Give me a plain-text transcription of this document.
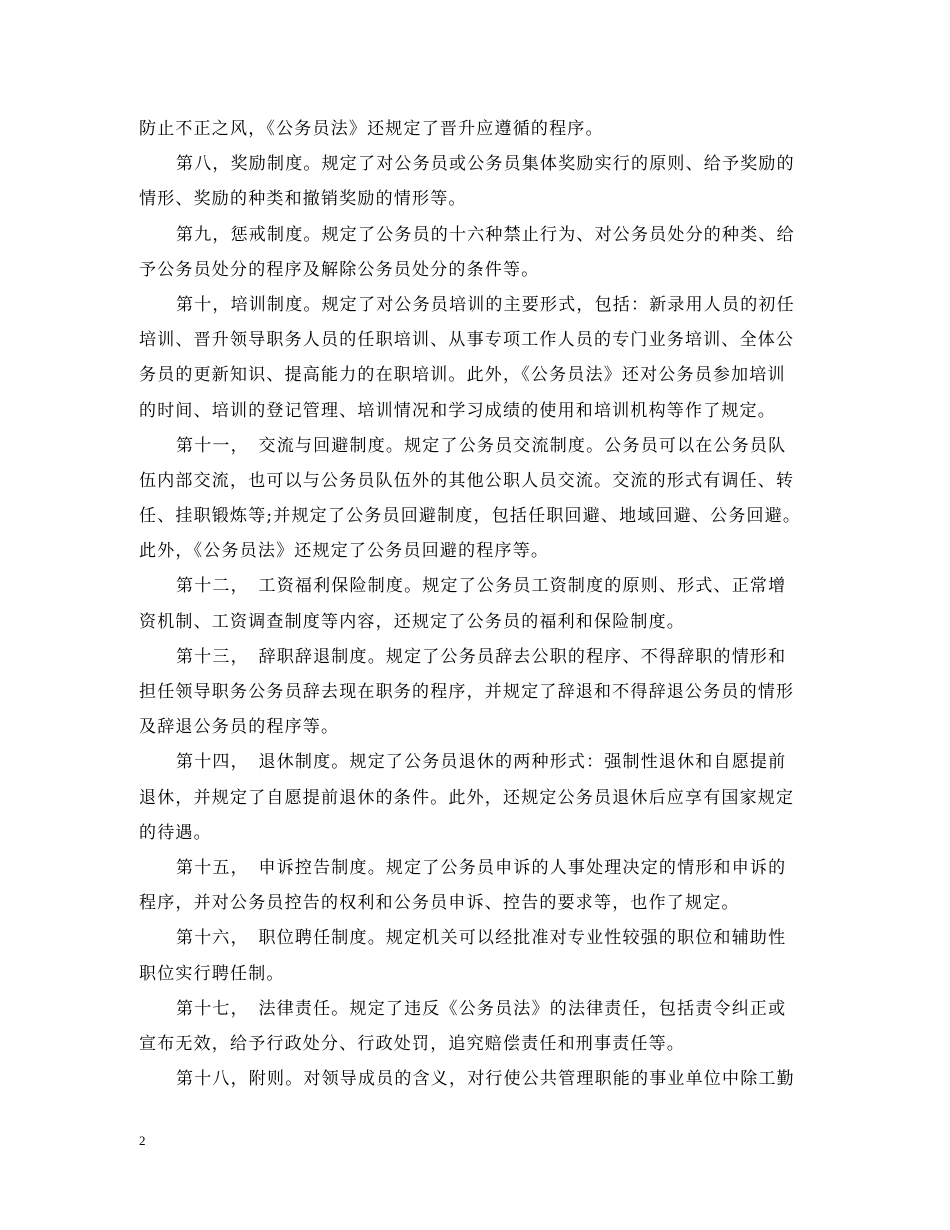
防止不正之风，《公务员法》还规定了晋升应遵循的程序。
第八，奖励制度。规定了对公务员或公务员集体奖励实行的原则、给予奖励的
情形、奖励的种类和撤销奖励的情形等。
第九，惩戒制度。规定了公务员的十六种禁止行为、对公务员处分的种类、给
予公务员处分的程序及解除公务员处分的条件等。
第十，培训制度。规定了对公务员培训的主要形式，包括：新录用人员的初任
培训、晋升领导职务人员的任职培训、从事专项工作人员的专门业务培训、全体公
务员的更新知识、提高能力的在职培训。此外，《公务员法》还对公务员参加培训
的时间、培训的登记管理、培训情况和学习成绩的使用和培训机构等作了规定。
第十一，　交流与回避制度。规定了公务员交流制度。公务员可以在公务员队
伍内部交流，也可以与公务员队伍外的其他公职人员交流。交流的形式有调任、转
任、挂职锻炼等;并规定了公务员回避制度，包括任职回避、地域回避、公务回避。
此外，《公务员法》还规定了公务员回避的程序等。
第十二，　工资福利保险制度。规定了公务员工资制度的原则、形式、正常增
资机制、工资调查制度等内容，还规定了公务员的福利和保险制度。
第十三，　辞职辞退制度。规定了公务员辞去公职的程序、不得辞职的情形和
担任领导职务公务员辞去现在职务的程序，并规定了辞退和不得辞退公务员的情形
及辞退公务员的程序等。
第十四，　退休制度。规定了公务员退休的两种形式：强制性退休和自愿提前
退休，并规定了自愿提前退休的条件。此外，还规定公务员退休后应享有国家规定
的待遇。
第十五，　申诉控告制度。规定了公务员申诉的人事处理决定的情形和申诉的
程序，并对公务员控告的权利和公务员申诉、控告的要求等，也作了规定。
第十六，　职位聘任制度。规定机关可以经批准对专业性较强的职位和辅助性
职位实行聘任制。
第十七，　法律责任。规定了违反《公务员法》的法律责任，包括责令纠正或
宣布无效，给予行政处分、行政处罚，追究赔偿责任和刑事责任等。
第十八，附则。对领导成员的含义，对行使公共管理职能的事业单位中除工勤
2
